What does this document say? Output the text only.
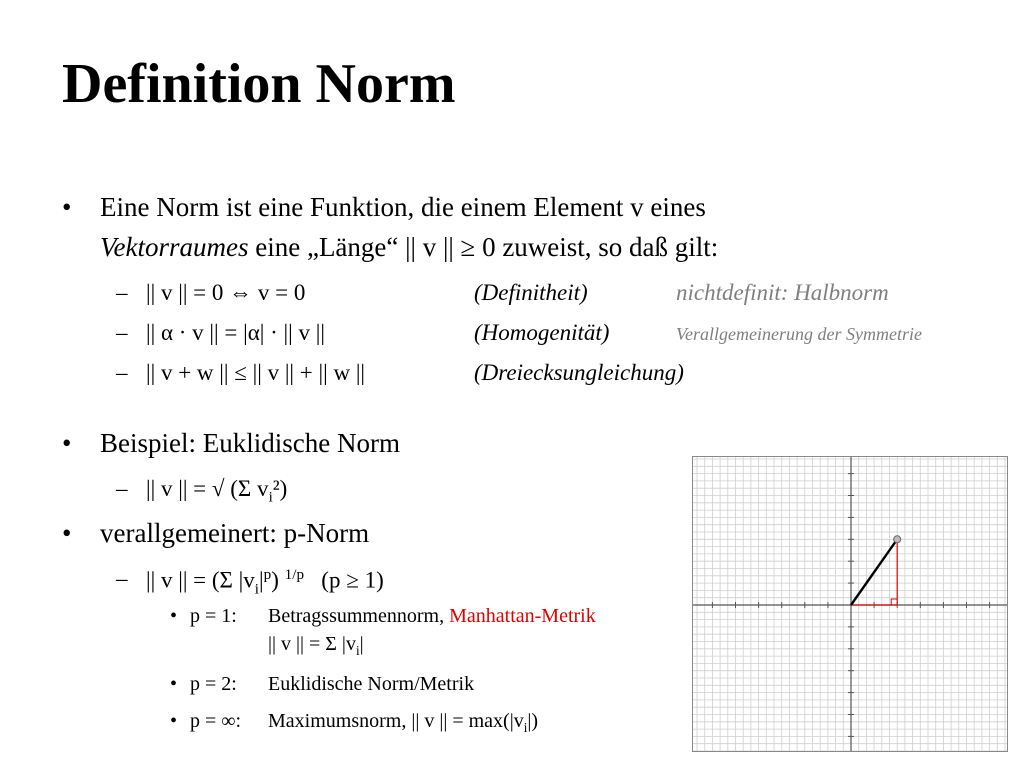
Definition Norm
• Eine Norm ist eine Funktion, die einem Element v eines
Vektorraumes eine „Länge“ || v || ≥ 0 zuweist, so daß gilt:
– || v || = 0 ⇔ v = 0	(Definitheit)	nichtdefinit: Halbnorm
– || α · v || = |α| · || v ||	(Homogenität)	Verallgemeinerung der Symmetrie
– || v + w || ≤ || v || + || w ||	(Dreiecksungleichung)
• Beispiel: Euklidische Norm
– || v || = √ (Σ $v_i^2$)
• verallgemeinert: p-Norm
– || v || = (Σ $|v_i|^p$) $^{1/p}$   (p ≥ 1)
• p = 1: Betragssummennorm, Manhattan-Metrik
|| v || = Σ $|v_i|$
• p = 2: Euklidische Norm/Metrik
• p = ∞: Maximumsnorm, || v || = $\max(|v_i|)$
